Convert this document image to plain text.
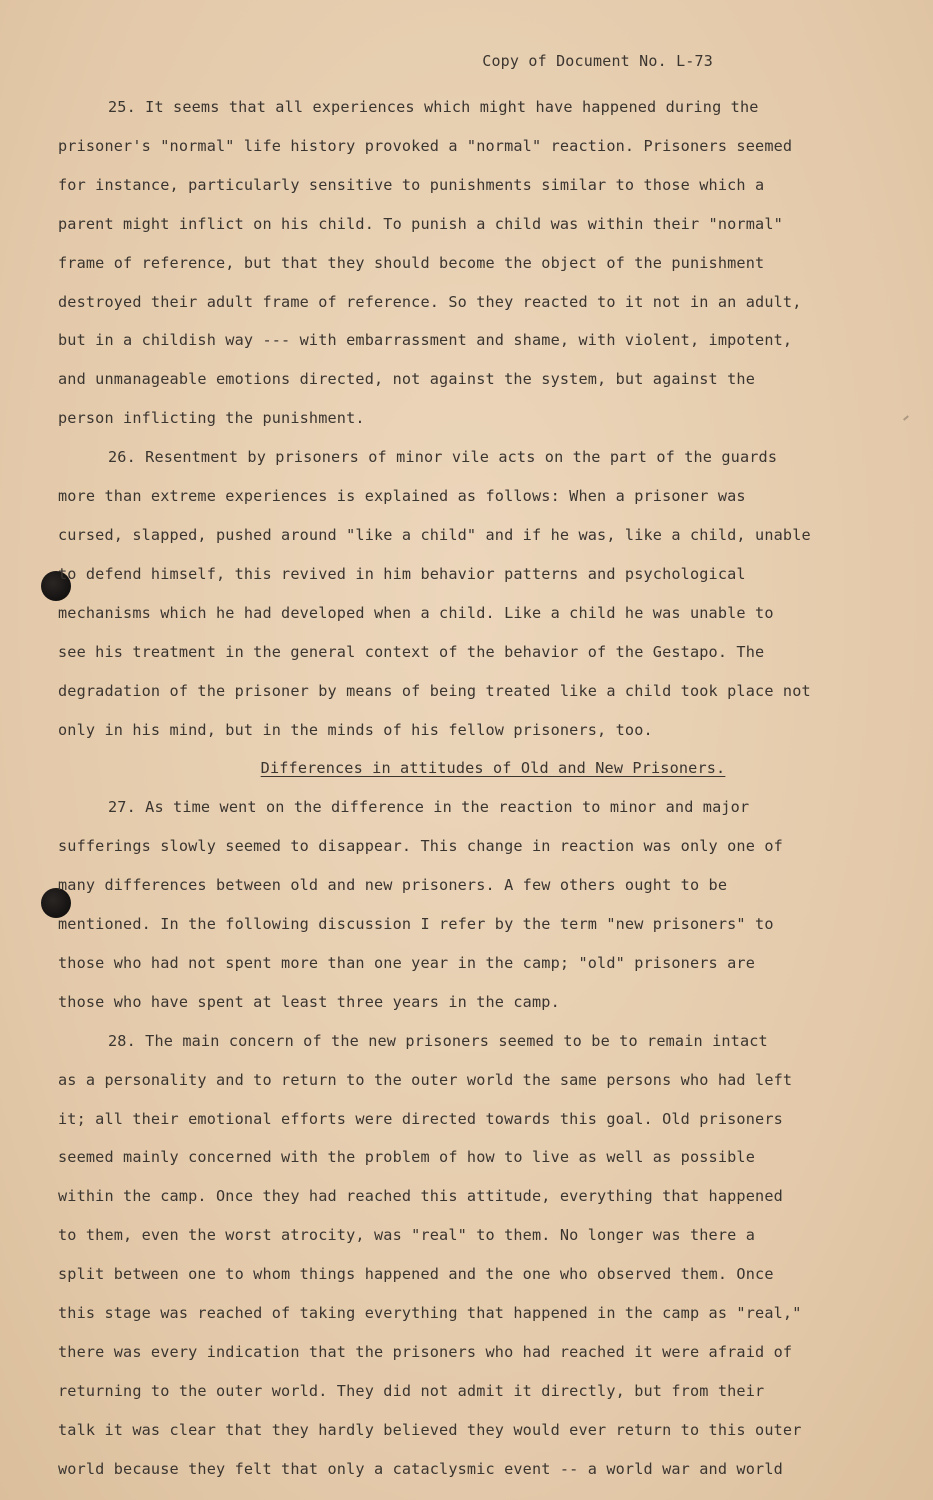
Copy of Document No. L-73
25. It seems that all experiences which might have happened during the
prisoner's "normal" life history provoked a "normal" reaction. Prisoners seemed
for instance, particularly sensitive to punishments similar to those which a
parent might inflict on his child. To punish a child was within their "normal"
frame of reference, but that they should become the object of the punishment
destroyed their adult frame of reference. So they reacted to it not in an adult,
but in a childish way --- with embarrassment and shame, with violent, impotent,
and unmanageable emotions directed, not against the system, but against the
person inflicting the punishment.
26. Resentment by prisoners of minor vile acts on the part of the guards
more than extreme experiences is explained as follows: When a prisoner was
cursed, slapped, pushed around "like a child" and if he was, like a child, unable
to defend himself, this revived in him behavior patterns and psychological
mechanisms which he had developed when a child. Like a child he was unable to
see his treatment in the general context of the behavior of the Gestapo. The
degradation of the prisoner by means of being treated like a child took place not
only in his mind, but in the minds of his fellow prisoners, too.
Differences in attitudes of Old and New Prisoners.
27. As time went on the difference in the reaction to minor and major
sufferings slowly seemed to disappear. This change in reaction was only one of
many differences between old and new prisoners. A few others ought to be
mentioned. In the following discussion I refer by the term "new prisoners" to
those who had not spent more than one year in the camp; "old" prisoners are
those who have spent at least three years in the camp.
28. The main concern of the new prisoners seemed to be to remain intact
as a personality and to return to the outer world the same persons who had left
it; all their emotional efforts were directed towards this goal. Old prisoners
seemed mainly concerned with the problem of how to live as well as possible
within the camp. Once they had reached this attitude, everything that happened
to them, even the worst atrocity, was "real" to them. No longer was there a
split between one to whom things happened and the one who observed them. Once
this stage was reached of taking everything that happened in the camp as "real,"
there was every indication that the prisoners who had reached it were afraid of
returning to the outer world. They did not admit it directly, but from their
talk it was clear that they hardly believed they would ever return to this outer
world because they felt that only a cataclysmic event -- a world war and world
